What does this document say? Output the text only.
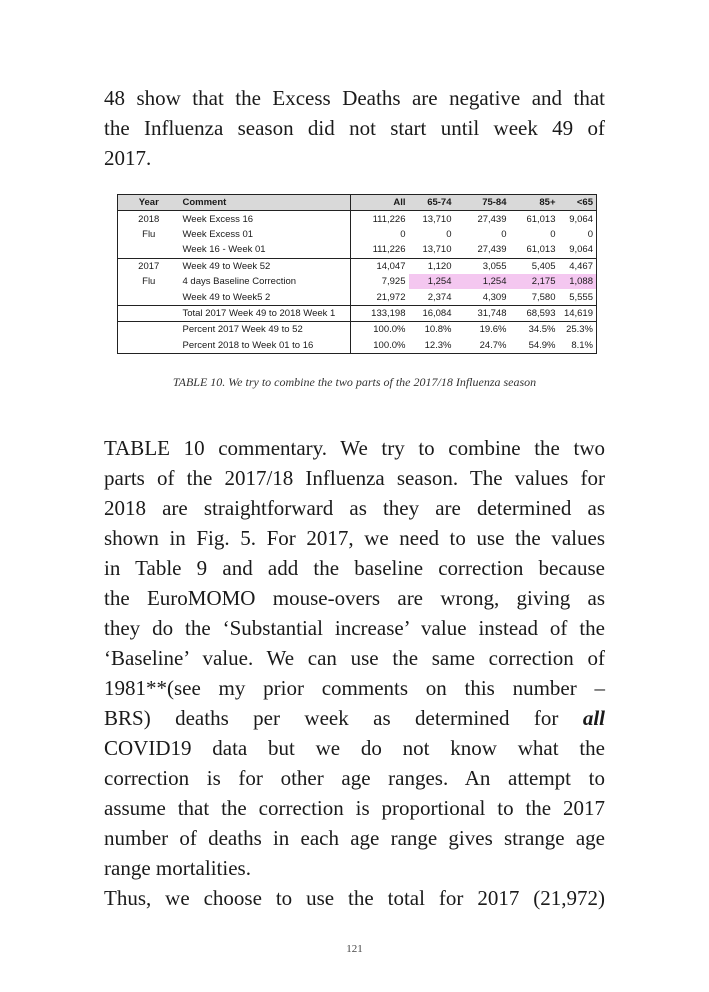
48 show that the Excess Deaths are negative and that
the Influenza season did not start until week 49 of
2017.

Year	Comment	All	65-74	75-84	85+	<65
2018	Week Excess 16	111,226	13,710	27,439	61,013	9,064
Flu	Week Excess 01	0	0	0	0	0
	Week 16 - Week 01	111,226	13,710	27,439	61,013	9,064
2017	Week 49 to Week 52	14,047	1,120	3,055	5,405	4,467
Flu	4 days Baseline Correction	7,925	1,254	1,254	2,175	1,088
	Week 49 to Week5 2	21,972	2,374	4,309	7,580	5,555
	Total 2017 Week 49 to 2018 Week 1	133,198	16,084	31,748	68,593	14,619
	Percent 2017 Week 49 to 52	100.0%	10.8%	19.6%	34.5%	25.3%
	Percent 2018 to Week 01 to 16	100.0%	12.3%	24.7%	54.9%	8.1%
TABLE 10. We try to combine the two parts of the 2017/18 Influenza season

TABLE 10 commentary. We try to combine the two
parts of the 2017/18 Influenza season. The values for
2018 are straightforward as they are determined as
shown in Fig. 5. For 2017, we need to use the values
in Table 9 and add the baseline correction because
the EuroMOMO mouse-overs are wrong, giving as
they do the ‘Substantial increase’ value instead of the
‘Baseline’ value. We can use the same correction of
1981**(see my prior comments on this number –
BRS) deaths per week as determined for all
COVID19 data but we do not know what the
correction is for other age ranges. An attempt to
assume that the correction is proportional to the 2017
number of deaths in each age range gives strange age
range mortalities.

Thus, we choose to use the total for 2017 (21,972)

121
